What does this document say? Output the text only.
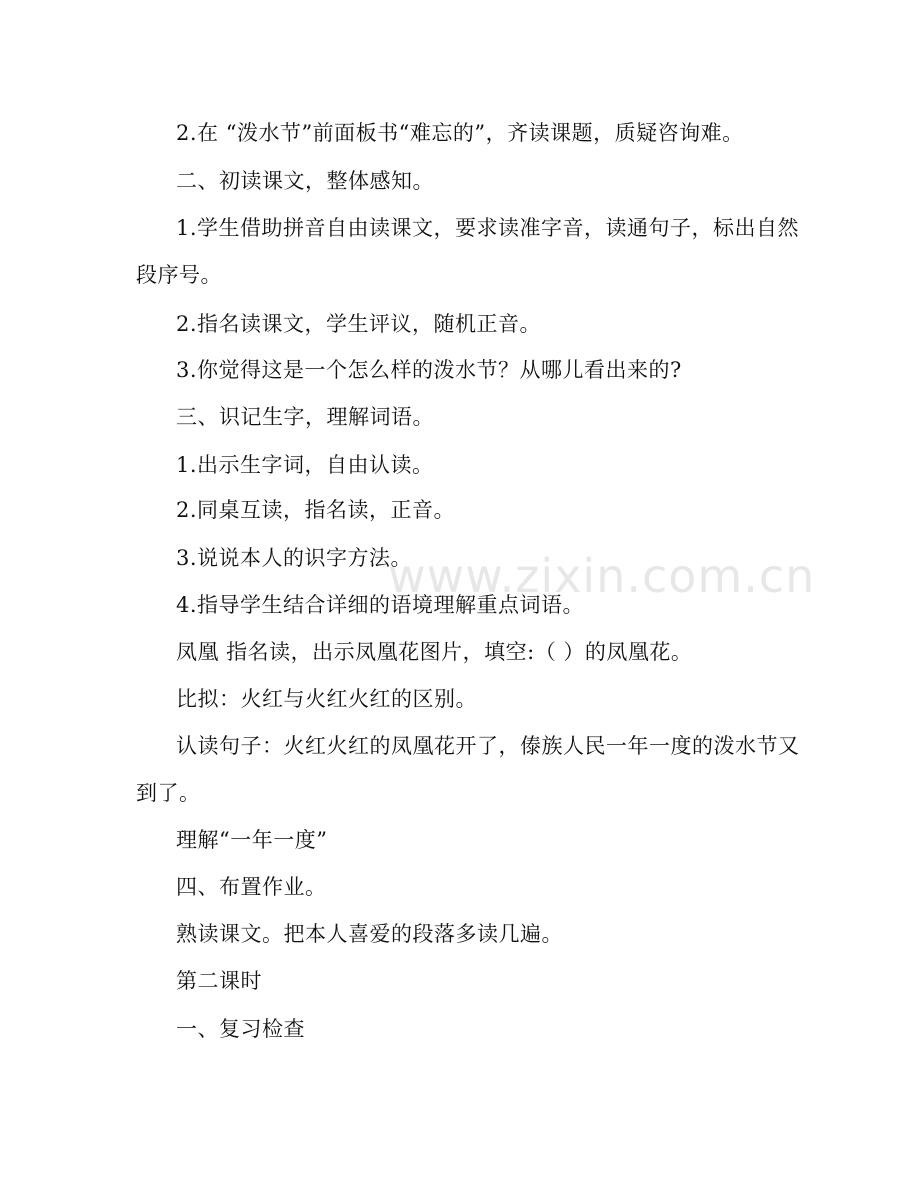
2.在 “泼水节”前面板书“难忘的”，齐读课题，质疑咨询难。
二、初读课文，整体感知。
1.学生借助拼音自由读课文，要求读准字音，读通句子，标出自然
段序号。
2.指名读课文，学生评议，随机正音。
3.你觉得这是一个怎么样的泼水节？从哪儿看出来的?
三、识记生字，理解词语。
1.出示生字词，自由认读。
2.同桌互读，指名读，正音。
3.说说本人的识字方法。
4.指导学生结合详细的语境理解重点词语。
凤凰 指名读，出示凤凰花图片，填空:（ ）的凤凰花。
比拟：火红与火红火红的区别。
认读句子：火红火红的凤凰花开了，傣族人民一年一度的泼水节又
到了。
理解“一年一度”
四、布置作业。
熟读课文。把本人喜爱的段落多读几遍。
第二课时
一、复习检查
www.zixin.com.cn
